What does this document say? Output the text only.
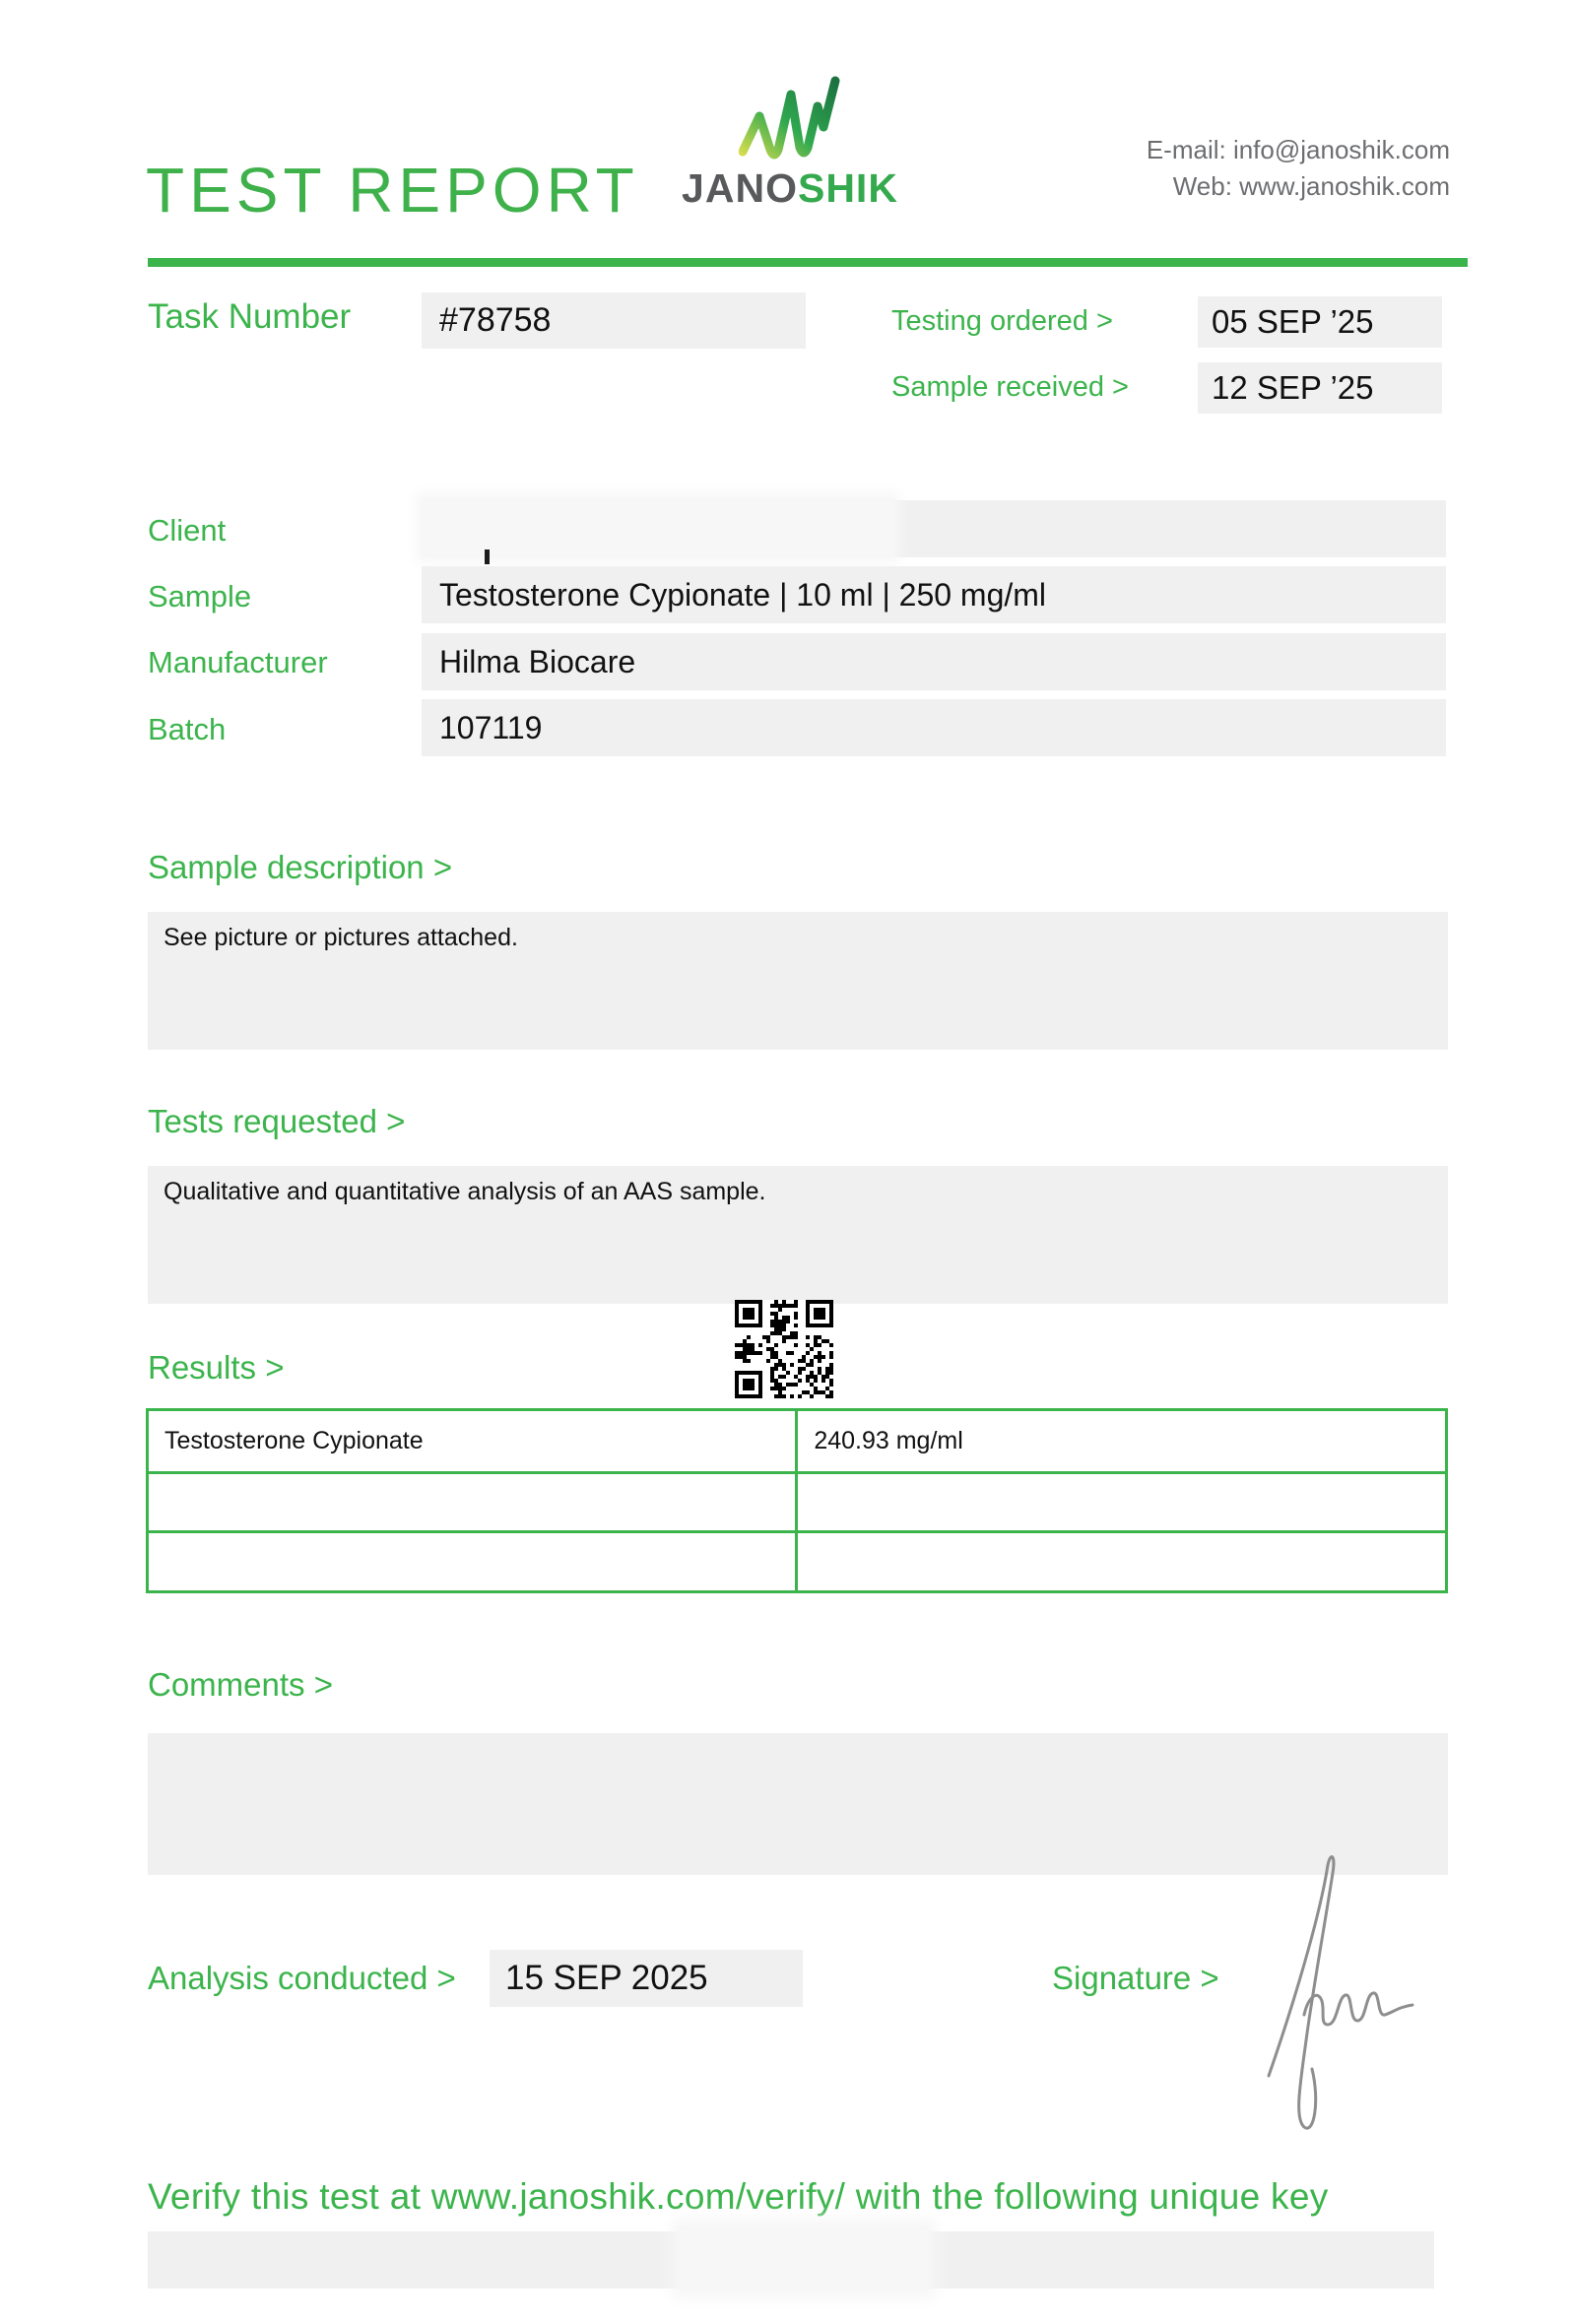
TEST REPORT JANOSHIK
E-mail: info@janoshik.com
Web: www.janoshik.com
Task Number	#78758	Testing ordered >	05 SEP ’25
Sample received >	12 SEP ’25
Client
Sample	Testosterone Cypionate | 10 ml | 250 mg/ml
Manufacturer	Hilma Biocare
Batch	107119
Sample description >
See picture or pictures attached.
Tests requested >
Qualitative and quantitative analysis of an AAS sample.
Results >
Testosterone Cypionate	240.93 mg/ml
Comments >
Analysis conducted >	15 SEP 2025	Signature >
Verify this test at www.janoshik.com/verify/ with the following unique key
